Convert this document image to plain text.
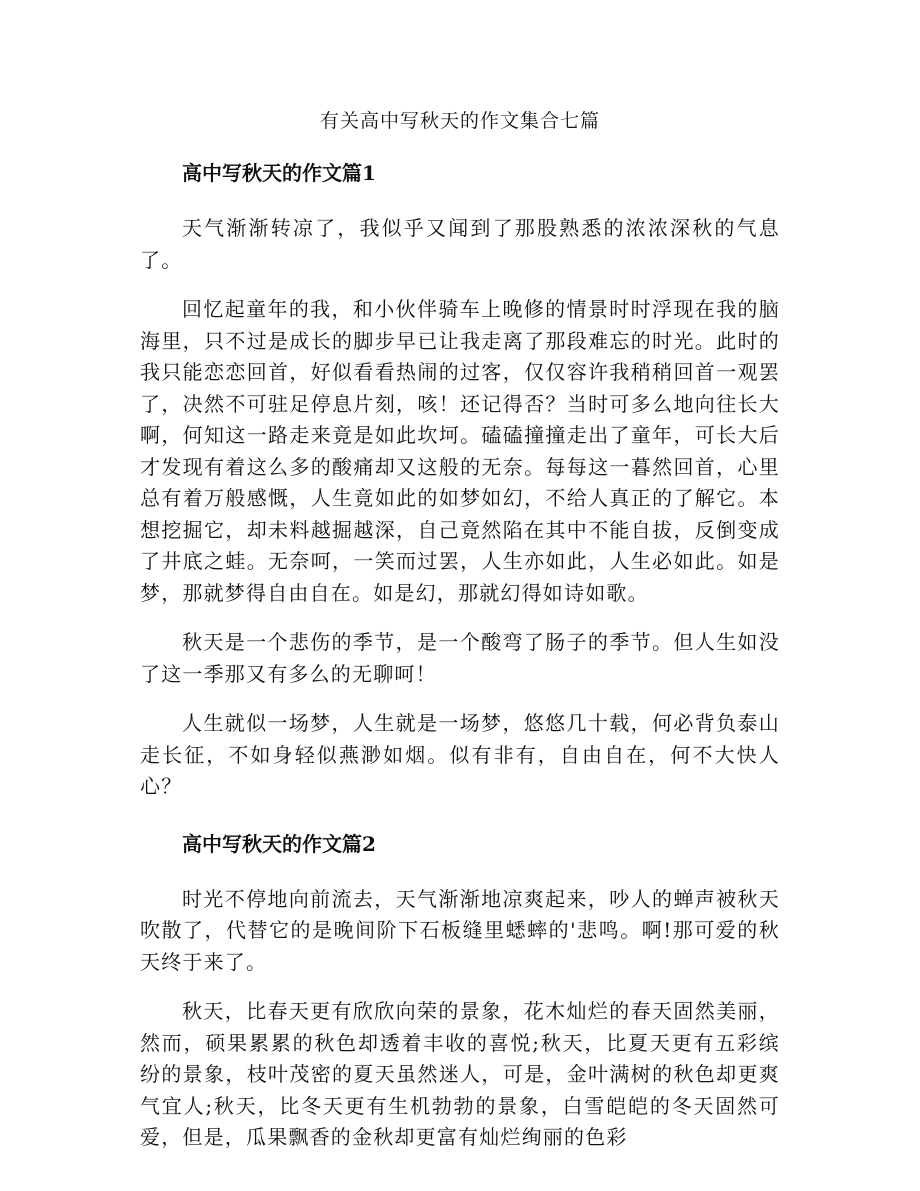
有关高中写秋天的作文集合七篇
高中写秋天的作文篇1

天气渐渐转凉了，我似乎又闻到了那股熟悉的浓浓深秋的气息了。

回忆起童年的我，和小伙伴骑车上晚修的情景时时浮现在我的脑海里，只不过是成长的脚步早已让我走离了那段难忘的时光。此时的我只能恋恋回首，好似看看热闹的过客，仅仅容许我稍稍回首一观罢了，决然不可驻足停息片刻，咳！还记得否？当时可多么地向往长大啊，何知这一路走来竟是如此坎坷。磕磕撞撞走出了童年，可长大后才发现有着这么多的酸痛却又这般的无奈。每每这一暮然回首，心里总有着万般感慨，人生竟如此的如梦如幻，不给人真正的了解它。本想挖掘它，却未料越掘越深，自己竟然陷在其中不能自拔，反倒变成了井底之蛙。无奈呵，一笑而过罢，人生亦如此，人生必如此。如是梦，那就梦得自由自在。如是幻，那就幻得如诗如歌。

秋天是一个悲伤的季节，是一个酸弯了肠子的季节。但人生如没了这一季那又有多么的无聊呵！

人生就似一场梦，人生就是一场梦，悠悠几十载，何必背负泰山走长征，不如身轻似燕渺如烟。似有非有，自由自在，何不大快人心？

高中写秋天的作文篇2

时光不停地向前流去，天气渐渐地凉爽起来，吵人的蝉声被秋天吹散了，代替它的是晚间阶下石板缝里蟋蟀的'悲鸣。啊!那可爱的秋天终于来了。

秋天，比春天更有欣欣向荣的景象，花木灿烂的春天固然美丽，然而，硕果累累的秋色却透着丰收的喜悦;秋天，比夏天更有五彩缤纷的景象，枝叶茂密的夏天虽然迷人，可是，金叶满树的秋色却更爽气宜人;秋天，比冬天更有生机勃勃的景象，白雪皑皑的冬天固然可爱，但是，瓜果飘香的金秋却更富有灿烂绚丽的色彩
